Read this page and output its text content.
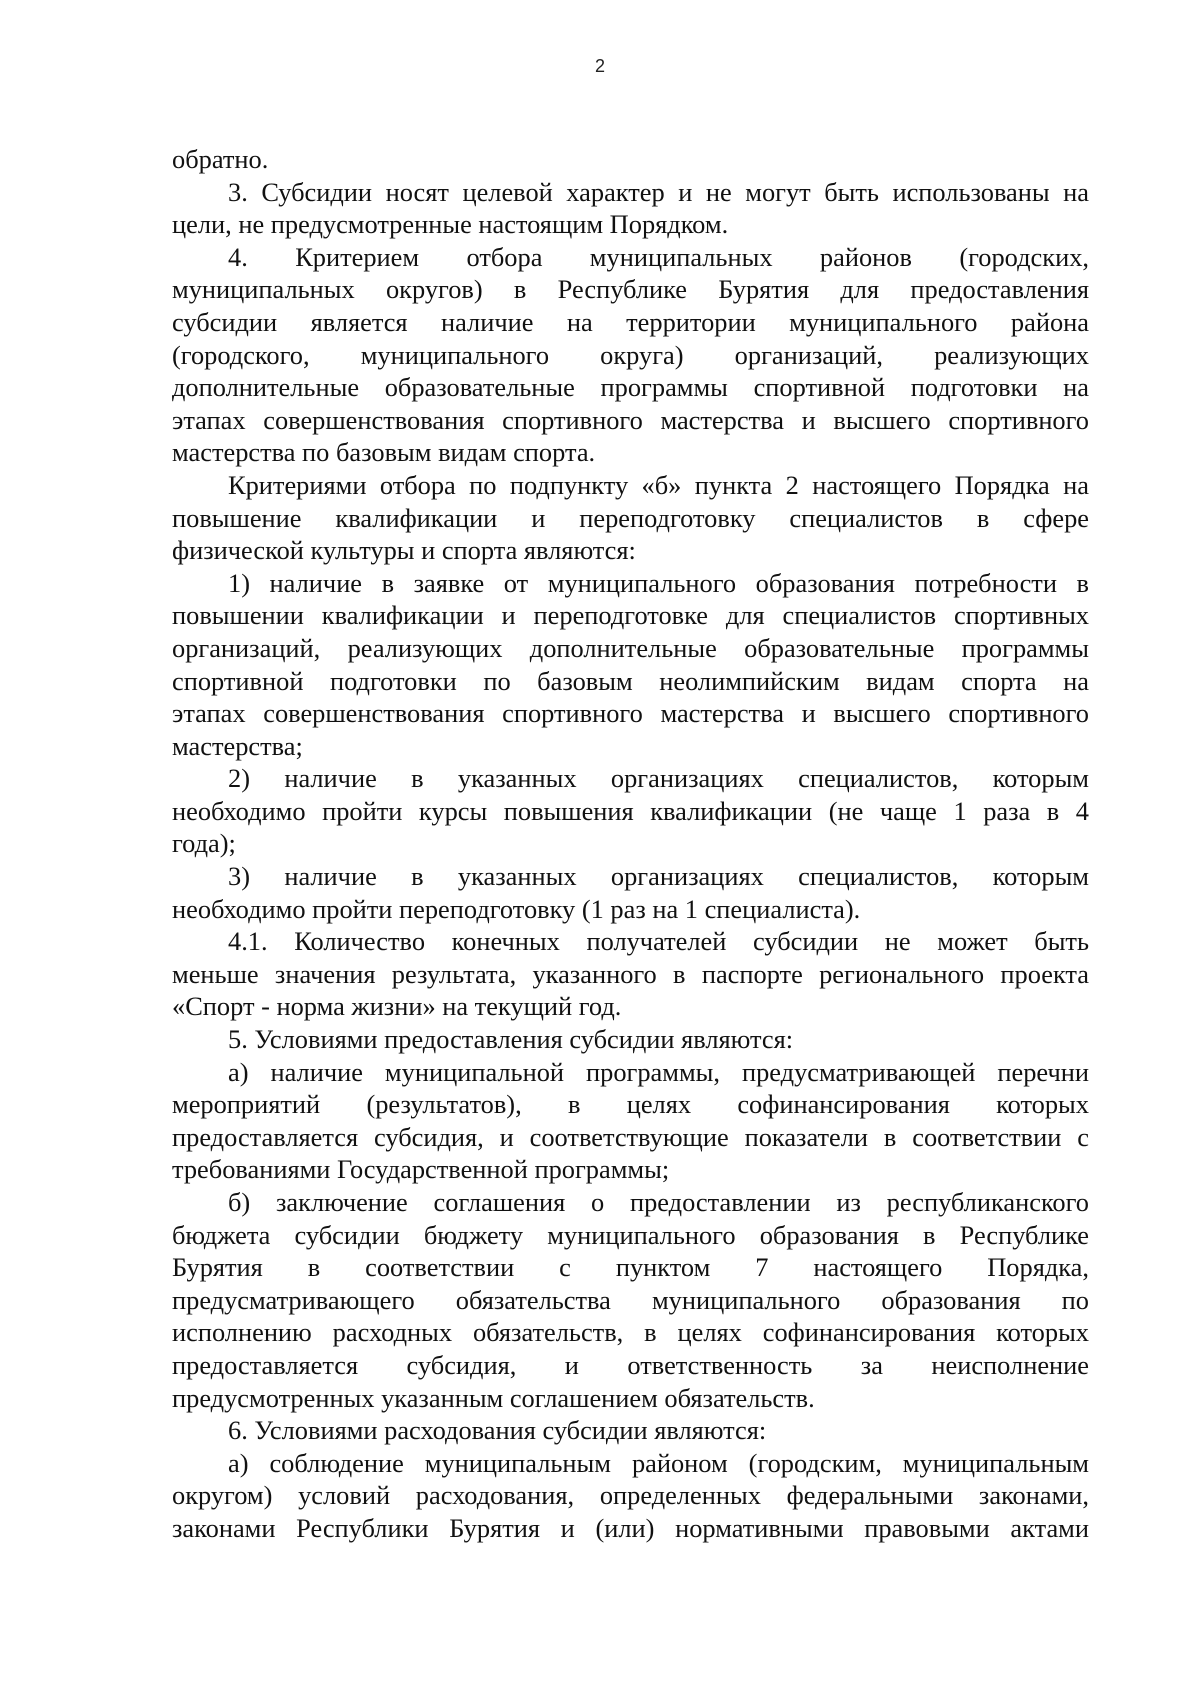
2
обратно.
3. Субсидии носят целевой характер и не могут быть использованы на
цели, не предусмотренные настоящим Порядком.
4. Критерием отбора муниципальных районов (городских,
муниципальных округов) в Республике Бурятия для предоставления
субсидии является наличие на территории муниципального района
(городского, муниципального округа) организаций, реализующих
дополнительные образовательные программы спортивной подготовки на
этапах совершенствования спортивного мастерства и высшего спортивного
мастерства по базовым видам спорта.
Критериями отбора по подпункту «б» пункта 2 настоящего Порядка на
повышение квалификации и переподготовку специалистов в сфере
физической культуры и спорта являются:
1) наличие в заявке от муниципального образования потребности в
повышении квалификации и переподготовке для специалистов спортивных
организаций, реализующих дополнительные образовательные программы
спортивной подготовки по базовым неолимпийским видам спорта на
этапах совершенствования спортивного мастерства и высшего спортивного
мастерства;
2) наличие в указанных организациях специалистов, которым
необходимо пройти курсы повышения квалификации (не чаще 1 раза в 4
года);
3) наличие в указанных организациях специалистов, которым
необходимо пройти переподготовку (1 раз на 1 специалиста).
4.1. Количество конечных получателей субсидии не может быть
меньше значения результата, указанного в паспорте регионального проекта
«Спорт - норма жизни» на текущий год.
5. Условиями предоставления субсидии являются:
а) наличие муниципальной программы, предусматривающей перечни
мероприятий (результатов), в целях софинансирования которых
предоставляется субсидия, и соответствующие показатели в соответствии с
требованиями Государственной программы;
б) заключение соглашения о предоставлении из республиканского
бюджета субсидии бюджету муниципального образования в Республике
Бурятия в соответствии с пунктом 7 настоящего Порядка,
предусматривающего обязательства муниципального образования по
исполнению расходных обязательств, в целях софинансирования которых
предоставляется субсидия, и ответственность за неисполнение
предусмотренных указанным соглашением обязательств.
6. Условиями расходования субсидии являются:
а) соблюдение муниципальным районом (городским, муниципальным
округом) условий расходования, определенных федеральными законами,
законами Республики Бурятия и (или) нормативными правовыми актами
